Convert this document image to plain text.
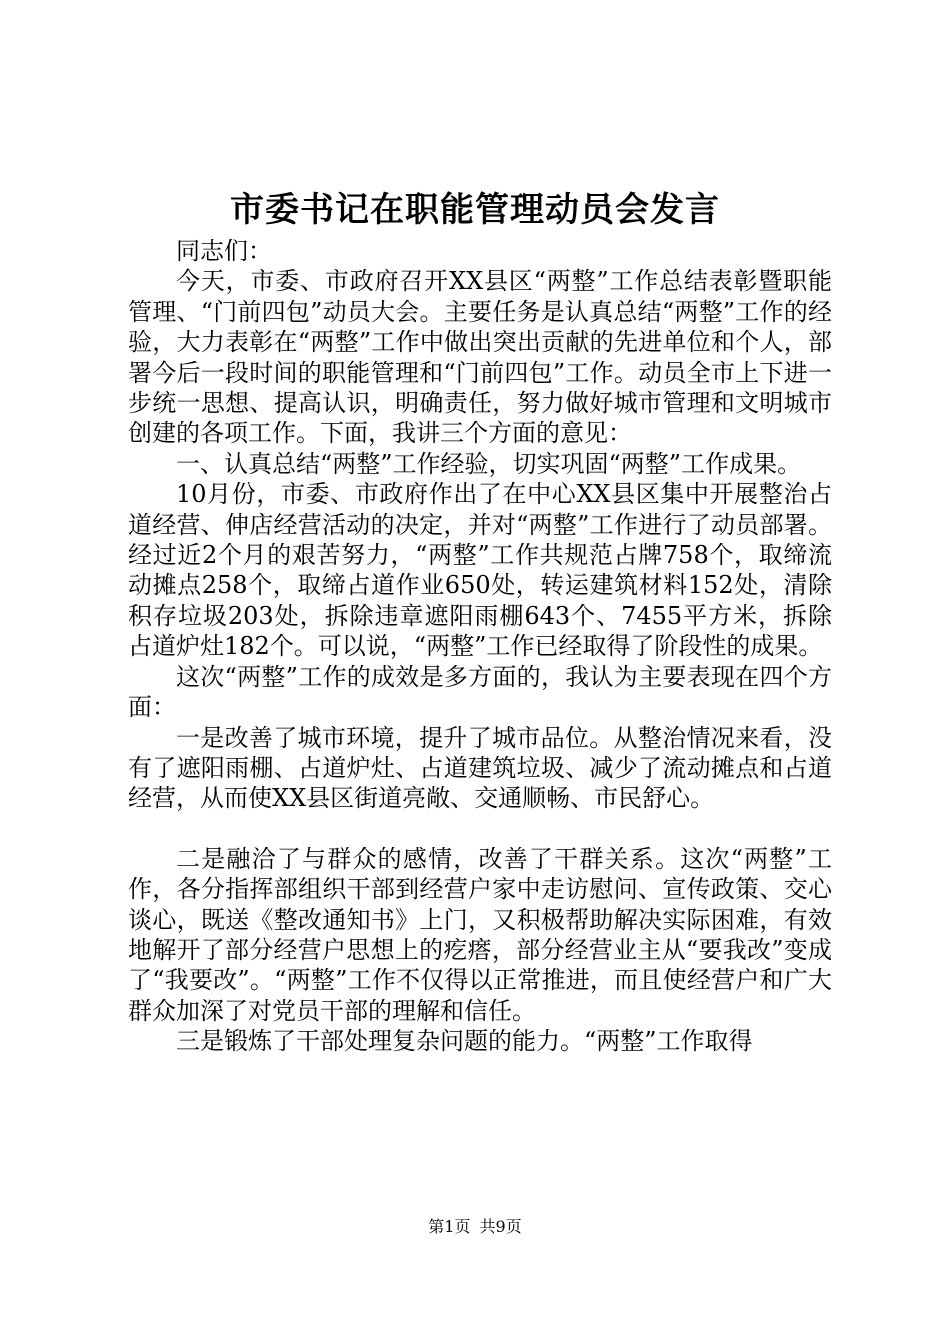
市委书记在职能管理动员会发言

同志们：

今天，市委、市政府召开XX县区“两整”工作总结表彰暨职能管理、“门前四包”动员大会。主要任务是认真总结“两整”工作的经验，大力表彰在“两整”工作中做出突出贡献的先进单位和个人，部署今后一段时间的职能管理和“门前四包”工作。动员全市上下进一步统一思想、提高认识，明确责任，努力做好城市管理和文明城市创建的各项工作。下面，我讲三个方面的意见：

一、认真总结“两整”工作经验，切实巩固“两整”工作成果。

10月份，市委、市政府作出了在中心XX县区集中开展整治占道经营、伸店经营活动的决定，并对“两整”工作进行了动员部署。经过近2个月的艰苦努力，“两整”工作共规范占牌758个，取缔流动摊点258个，取缔占道作业650处，转运建筑材料152处，清除积存垃圾203处，拆除违章遮阳雨棚643个、7455平方米，拆除占道炉灶182个。可以说，“两整”工作已经取得了阶段性的成果。

这次“两整”工作的成效是多方面的，我认为主要表现在四个方面：

一是改善了城市环境，提升了城市品位。从整治情况来看，没有了遮阳雨棚、占道炉灶、占道建筑垃圾、减少了流动摊点和占道经营，从而使XX县区街道亮敞、交通顺畅、市民舒心。

二是融洽了与群众的感情，改善了干群关系。这次“两整”工作，各分指挥部组织干部到经营户家中走访慰问、宣传政策、交心谈心，既送《整改通知书》上门，又积极帮助解决实际困难，有效地解开了部分经营户思想上的疙瘩，部分经营业主从“要我改”变成了“我要改”。“两整”工作不仅得以正常推进，而且使经营户和广大群众加深了对党员干部的理解和信任。

三是锻炼了干部处理复杂问题的能力。“两整”工作取得

第1页 共9页
